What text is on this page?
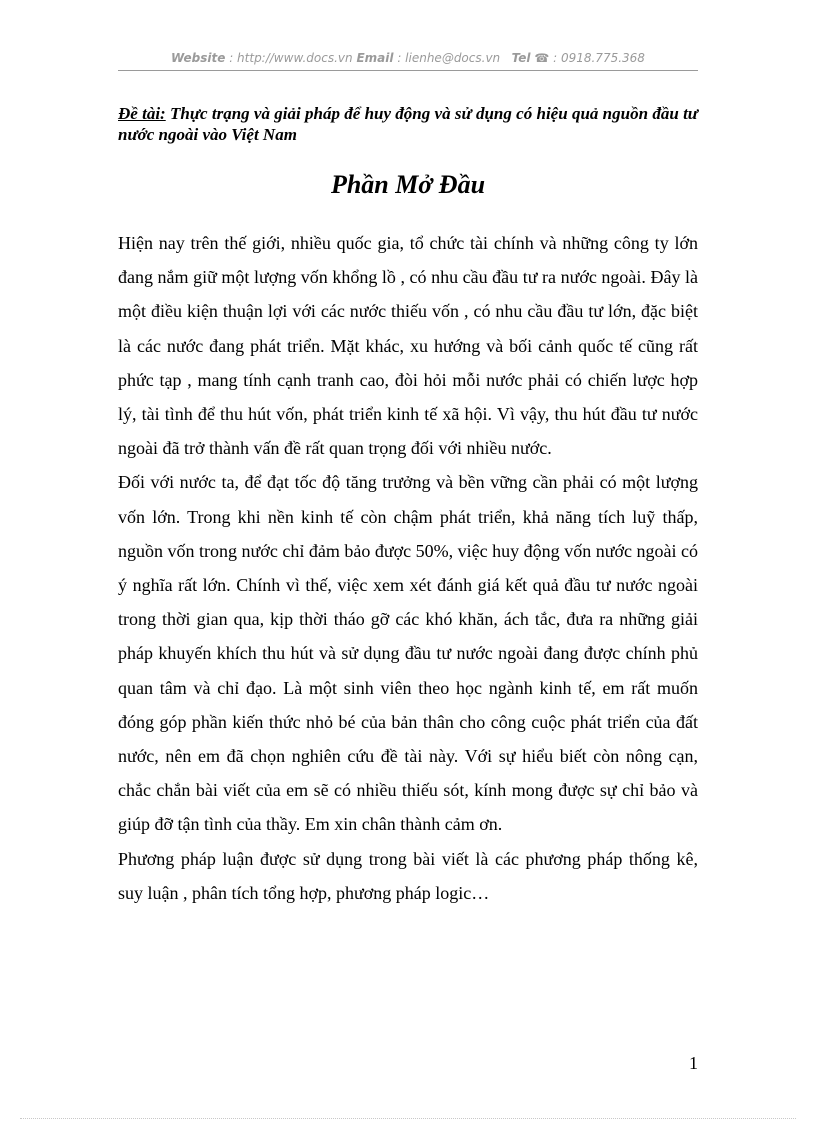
Website : http://www.docs.vn Email : lienhe@docs.vn Tel ☎ : 0918.775.368
Đề tài: Thực trạng và giải pháp để huy động và sử dụng có hiệu quả nguồn đầu tư nước ngoài vào Việt Nam
Phần Mở Đầu

Hiện nay trên thế giới, nhiều quốc gia, tổ chức tài chính và những công ty lớn đang nắm giữ một lượng vốn khổng lồ , có nhu cầu đầu tư ra nước ngoài. Đây là một điều kiện thuận lợi với các nước thiếu vốn , có nhu cầu đầu tư lớn, đặc biệt là các nước đang phát triển. Mặt khác, xu hướng và bối cảnh quốc tế cũng rất phức tạp , mang tính cạnh tranh cao, đòi hỏi mỗi nước phải có chiến lược hợp lý, tài tình để thu hút vốn, phát triển kinh tế xã hội. Vì vậy, thu hút đầu tư nước ngoài đã trở thành vấn đề rất quan trọng đối với nhiều nước.

Đối với nước ta, để đạt tốc độ tăng trưởng và bền vững cần phải có một lượng vốn lớn. Trong khi nền kinh tế còn chậm phát triển, khả năng tích luỹ thấp, nguồn vốn trong nước chỉ đảm bảo được 50%, việc huy động vốn nước ngoài có ý nghĩa rất lớn. Chính vì thế, việc xem xét đánh giá kết quả đầu tư nước ngoài trong thời gian qua, kịp thời tháo gỡ các khó khăn, ách tắc, đưa ra những giải pháp khuyến khích thu hút và sử dụng đầu tư nước ngoài đang được chính phủ quan tâm và chỉ đạo. Là một sinh viên theo học ngành kinh tế, em rất muốn đóng góp phần kiến thức nhỏ bé của bản thân cho công cuộc phát triển của đất nước, nên em đã chọn nghiên cứu đề tài này. Với sự hiểu biết còn nông cạn, chắc chắn bài viết của em sẽ có nhiều thiếu sót, kính mong được sự chỉ bảo và giúp đỡ tận tình của thầy. Em xin chân thành cảm ơn.

Phương pháp luận được sử dụng trong bài viết là các phương pháp thống kê, suy luận , phân tích tổng hợp, phương pháp logic…

1
